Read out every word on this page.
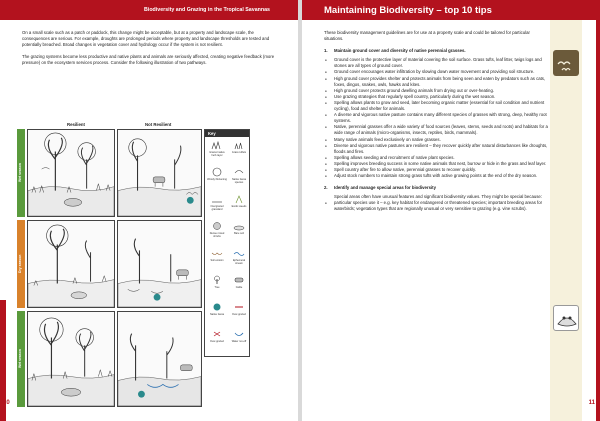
Biodiversity and Grazing in the Tropical Savannas

On a small scale such as a patch or paddock, this change might be acceptable, but at a property and landscape scale, the consequences are serious. For example, droughts are prolonged periods where property and landscape thresholds are tested and potentially breached. Broad changes in vegetation cover and hydrology occur if the system is not resilient.

The grazing systems become less productive and native plants and animals are seriously affected, creating negative feedback (more pressure) on the ecosystem services process. Consider the following illustration of two pathways.

Resilient	Not Resilient
Wet season
Dry season
Wet season
Key
Grazed native herb layer
Grass tuffets
Woody thickening	Native fauna species
Overgrazed grassland
Exotic weeds
Dense mixed shrubs
Bare soil
Soil erosion	Ephemeral stream
Tree	Cattle
Native fauna	Over-grazed
Over-grazed	Water run-off
10
Maintaining Biodiversity – top 10 tips

These biodiversity management guidelines are for use at a property scale and could be tailored for particular situations.

1.	Maintain ground cover and diversity of native perennial grasses.
● Ground cover is the protective layer of material covering the soil surface. Grass tufts, leaf litter, twigs logs and stones are all types of ground cover.
● Ground cover encourages water infiltration by slowing down water movement and providing soil structure.
● High ground cover provides shelter and protects animals from being seen and eaten by predators such as cats, foxes, dingos, snakes, owls, hawks and kites.
● High ground cover protects ground dwelling animals from drying out or over-heating.
● Use grazing strategies that regularly spell country, particularly during the wet season.
● Spelling allows plants to grow and seed, later becoming organic matter (essential for soil condition and nutrient cycling), food and shelter for animals.
● A diverse and vigorous native pasture contains many different species of grasses with strong, deep, healthy root systems.
● Native, perennial grasses offer a wide variety of food sources (leaves, stems, seeds and roots) and habitats for a wide range of animals (micro-organisms, insects, reptiles, birds, mammals).
● Many native animals feed exclusively on native grasses.
● Diverse and vigorous native pastures are resilient – they recover quickly after natural disturbances like droughts, floods and fires.
● Spelling allows seeding and recruitment of native plant species.
● Spelling improves breeding success in some native animals that nest, burrow or hide in the grass and leaf layer.
● Spell country after fire to allow native, perennial grasses to recover quickly.
● Adjust stock numbers to maintain strong grass tufts with active growing points at the end of the dry season.
2.	Identify and manage special areas for biodiversity

Special areas often have unusual features and significant biodiversity values. They might be special because:

● particular species use it – e.g. key habitat for endangered or threatened species; important breeding areas for waterbirds; vegetation types that are regionally unusual or very sensitive to grazing (e.g. vine scrubs).
11
